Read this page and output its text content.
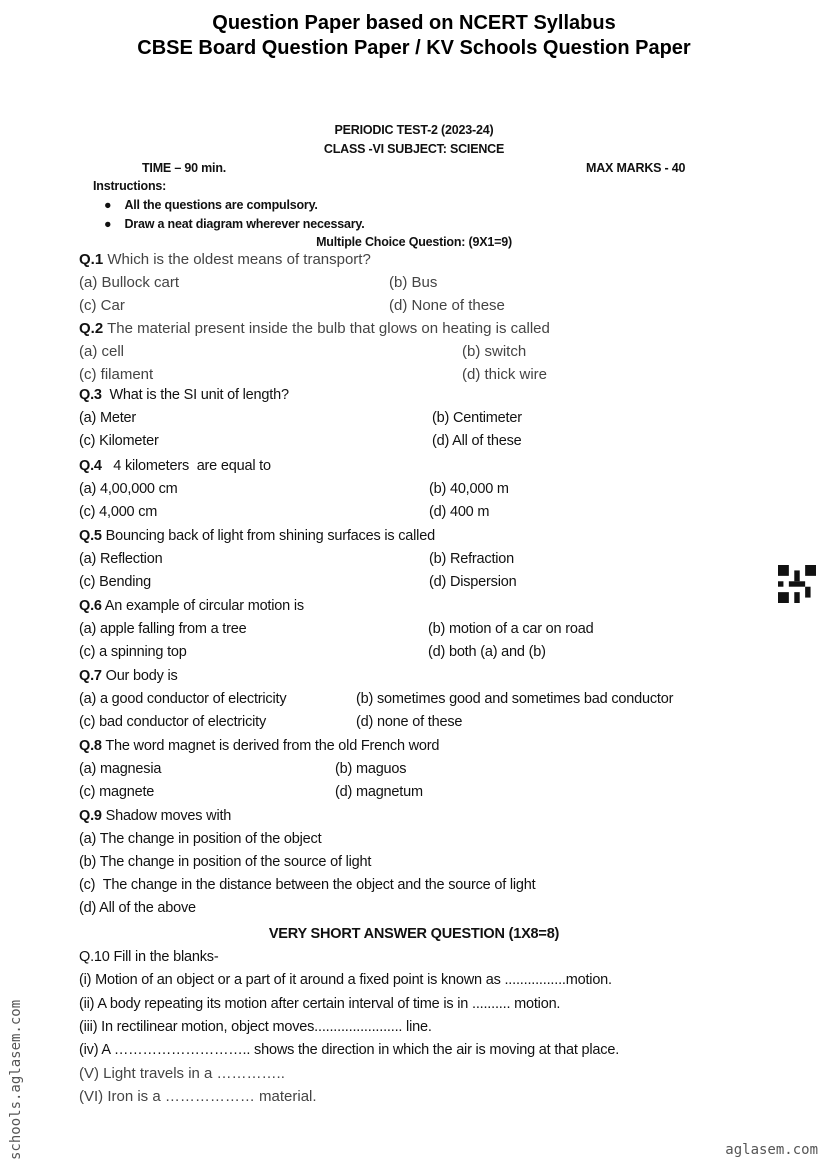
Question Paper based on NCERT Syllabus
CBSE Board Question Paper / KV Schools Question Paper
PERIODIC TEST-2 (2023-24)
CLASS -VI SUBJECT: SCIENCE
TIME – 90 min.	MAX MARKS - 40
Instructions:
●    All the questions are compulsory.
●    Draw a neat diagram wherever necessary.
Multiple Choice Question: (9X1=9)
VERY SHORT ANSWER QUESTION (1X8=8)
Q.10 Fill in the blanks-
(i) Motion of an object or a part of it around a fixed point is known as ................motion.
(ii) A body repeating its motion after certain interval of time is in .......... motion.
(iii) In rectilinear motion, object moves....................... line.
(iv) A ……………………….. shows the direction in which the air is moving at that place.
(V) Light travels in a …………..
(VI) Iron is a ……………… material.
schools.aglasem.com	aglasem.com
Q.1 Which is the oldest means of transport?
(a) Bullock cart	(b) Bus
(c) Car	(d) None of these
Q.2 The material present inside the bulb that glows on heating is called
(a) cell	(b) switch
(c) filament	(d) thick wire
Q.3  What is the SI unit of length?
(a) Meter	(b) Centimeter
(c) Kilometer	(d) All of these
Q.4   4 kilometers  are equal to
(a) 4,00,000 cm	(b) 40,000 m
(c) 4,000 cm	(d) 400 m
Q.5 Bouncing back of light from shining surfaces is called
(a) Reflection	(b) Refraction
(c) Bending	(d) Dispersion
Q.6 An example of circular motion is
(a) apple falling from a tree	(b) motion of a car on road
(c) a spinning top	(d) both (a) and (b)
Q.7 Our body is
(a) a good conductor of electricity	(b) sometimes good and sometimes bad conductor
(c) bad conductor of electricity	(d) none of these
Q.8 The word magnet is derived from the old French word
(a) magnesia	(b) maguos
(c) magnete	(d) magnetum
Q.9 Shadow moves with
(a) The change in position of the object
(b) The change in position of the source of light
(c)  The change in the distance between the object and the source of light
(d) All of the above
